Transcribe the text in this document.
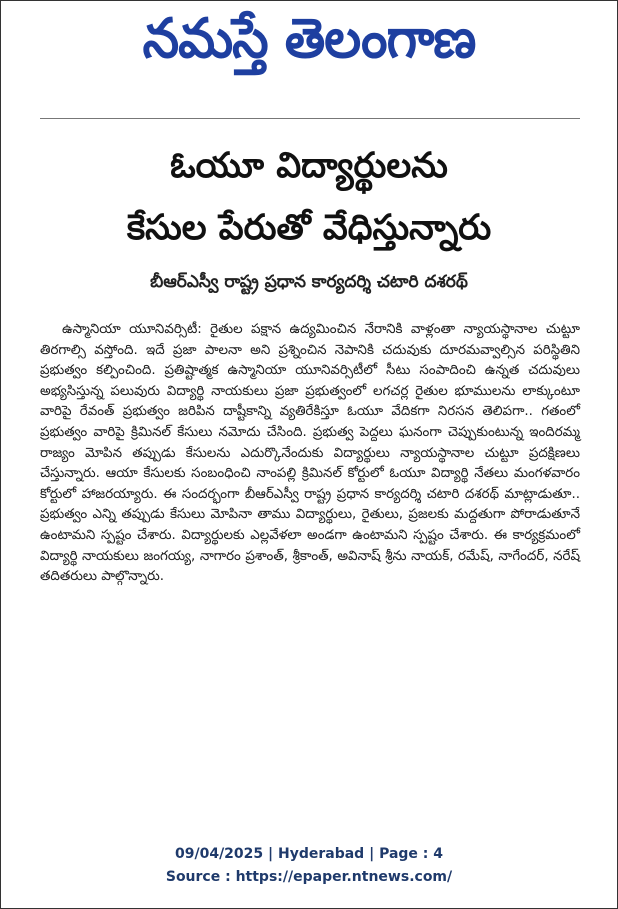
నమస్తే తెలంగాణ
ఓయూ విద్యార్థులను
కేసుల పేరుతో వేధిస్తున్నారు
బీఆర్‌ఎస్వీ రాష్ట్ర ప్రధాన కార్యదర్శి చటారి దశరథ్
ఉస్మానియా యూనివర్సిటీ: రైతుల పక్షాన ఉద్యమించిన నేరానికి వాళ్లంతా న్యాయస్థానాల చుట్టూ తిరగాల్సి వస్తోంది. ఇదే ప్రజా పాలనా అని ప్రశ్నించిన నెపానికి చదువుకు దూరమవ్వాల్సిన పరిస్థితిని ప్రభుత్వం కల్పించింది. ప్రతిష్టాత్మక ఉస్మానియా యూనివర్సిటీలో సీటు సంపాదించి ఉన్నత చదువులు అభ్యసిస్తున్న పలువురు విద్యార్థి నాయకులు ప్రజా ప్రభుత్వంలో లగచర్ల రైతుల భూములను లాక్కుంటూ వారిపై రేవంత్ ప్రభుత్వం జరిపిన దాష్టీకాన్ని వ్యతిరేకిస్తూ ఓయూ వేదికగా నిరసన తెలిపగా.. గతంలో ప్రభుత్వం వారిపై క్రిమినల్ కేసులు నమోదు చేసింది. ప్రభుత్వ పెద్దలు ఘనంగా చెప్పుకుంటున్న ఇందిరమ్మ రాజ్యం మోపిన తప్పుడు కేసులను ఎదుర్కొనేందుకు విద్యార్థులు న్యాయస్థానాల చుట్టూ ప్రదక్షిణలు చేస్తున్నారు. ఆయా కేసులకు సంబంధించి నాంపల్లి క్రిమినల్ కోర్టులో ఓయూ విద్యార్థి నేతలు మంగళవారం కోర్టులో హాజరయ్యారు. ఈ సందర్భంగా బీఆర్‌ఎస్వీ రాష్ట్ర ప్రధాన కార్యదర్శి చటారి దశరథ్ మాట్లాడుతూ.. ప్రభుత్వం ఎన్ని తప్పుడు కేసులు మోపినా తాము విద్యార్థులు, రైతులు, ప్రజలకు మద్దతుగా పోరాడుతూనే ఉంటామని స్పష్టం చేశారు. విద్యార్థులకు ఎల్లవేళలా అండగా ఉంటామని స్పష్టం చేశారు. ఈ కార్యక్రమంలో విద్యార్థి నాయకులు జంగయ్య, నాగారం ప్రశాంత్, శ్రీకాంత్, అవినాష్ శ్రీను నాయక్, రమేష్, నాగేందర్, నరేష్ తదితరులు పాల్గొన్నారు.
09/04/2025 | Hyderabad | Page : 4
Source : https://epaper.ntnews.com/
